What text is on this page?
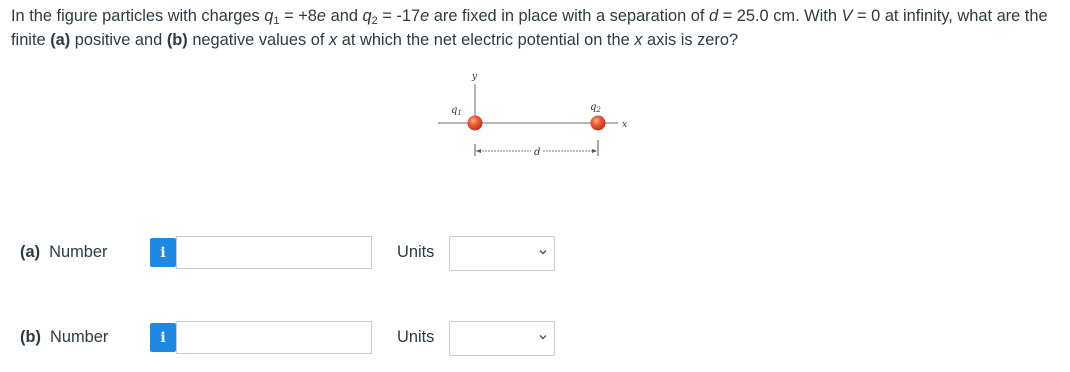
In the figure particles with charges $q_1 = +8e$ and $q_2 = -17e$ are fixed in place with a separation of d = 25.0 cm. With V = 0 at infinity, what are the finite (a) positive and (b) negative values of x at which the net electric potential on the x axis is zero?
y
x
$q_1$	$q_2$
d
(a) Number	i	Units
(b) Number	i	Units
